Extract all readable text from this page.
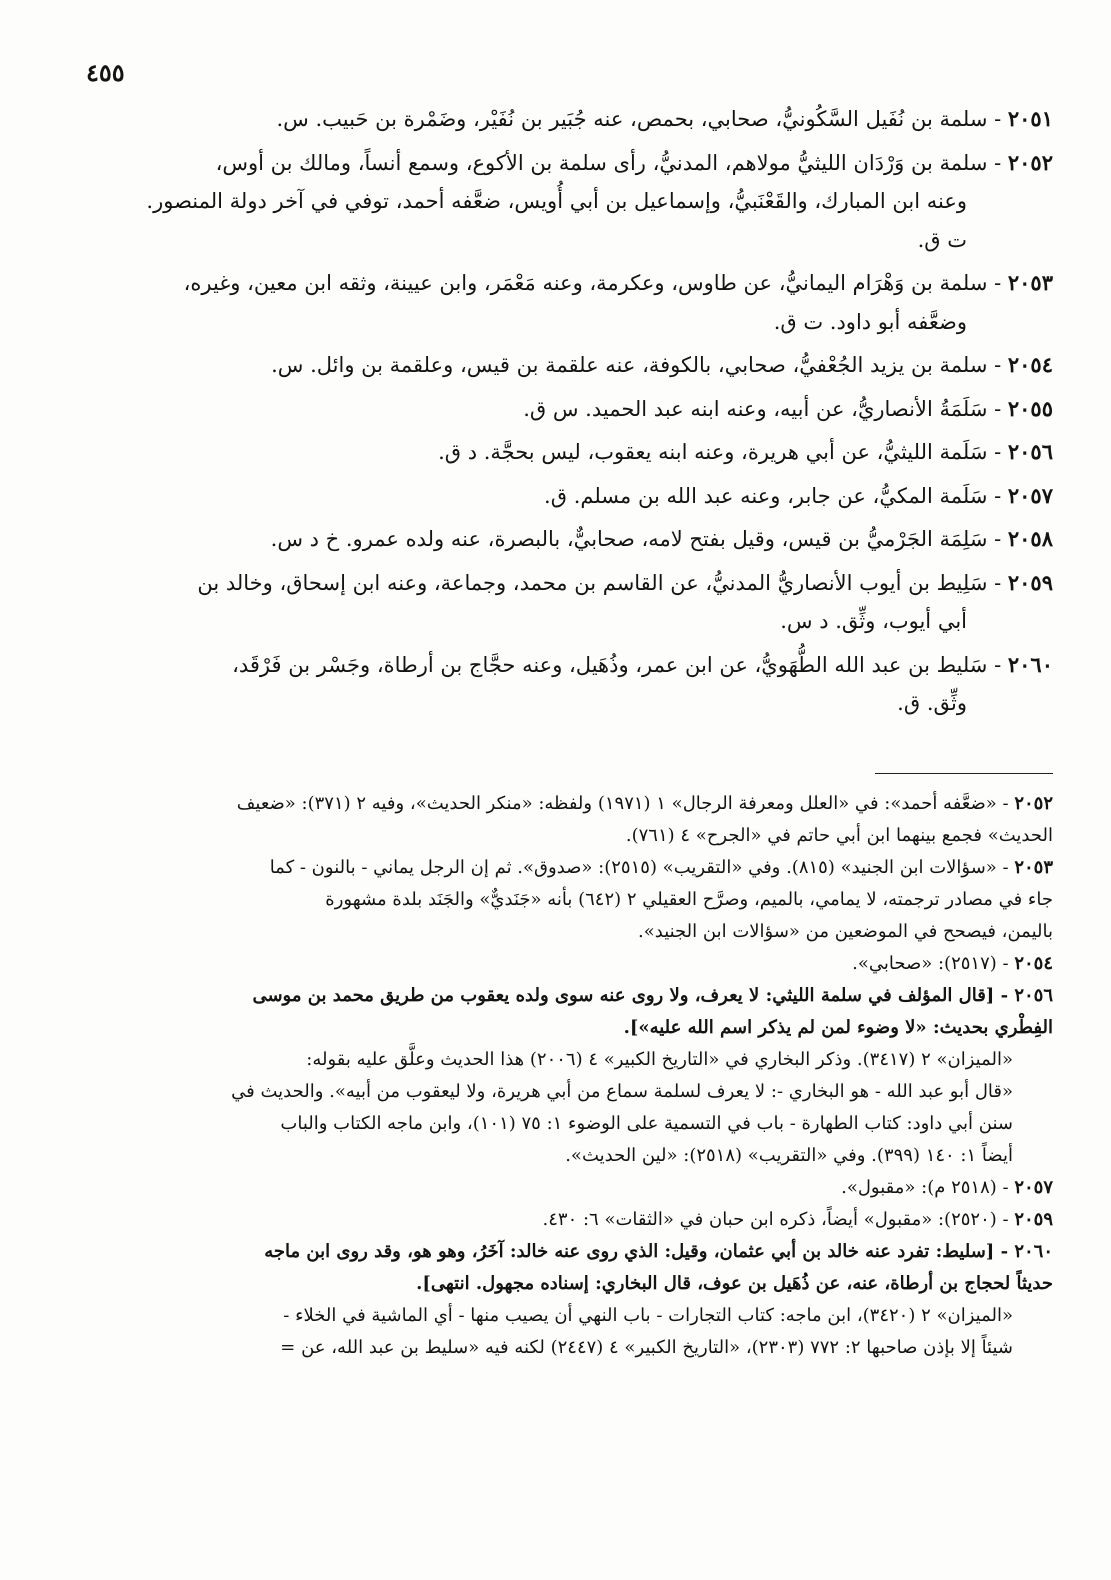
٤٥٥
٢٠٥١ - سلمة بن نُفَيل السَّكُونيُّ، صحابي، بحمص، عنه جُبَير بن نُفَيْر، وضَمْرة بن حَبيب. س.
٢٠٥٢ - سلمة بن وَرْدَان الليثيُّ مولاهم، المدنيُّ، رأى سلمة بن الأكوع، وسمع أنساً، ومالك بن أوس،
وعنه ابن المبارك، والقَعْنَبيُّ، وإسماعيل بن أبي أُويس، ضعَّفه أحمد، توفي في آخر دولة المنصور.
ت ق.
٢٠٥٣ - سلمة بن وَهْرَام اليمانيُّ، عن طاوس، وعكرمة، وعنه مَعْمَر، وابن عيينة، وثقه ابن معين، وغيره،
وضعَّفه أبو داود. ت ق.
٢٠٥٤ - سلمة بن يزيد الجُعْفيُّ، صحابي، بالكوفة، عنه علقمة بن قيس، وعلقمة بن وائل. س.
٢٠٥٥ - سَلَمَةُ الأنصاريُّ، عن أبيه، وعنه ابنه عبد الحميد. س ق.
٢٠٥٦ - سَلَمة الليثيُّ، عن أبي هريرة، وعنه ابنه يعقوب، ليس بحجَّة. د ق.
٢٠٥٧ - سَلَمة المكيُّ، عن جابر، وعنه عبد الله بن مسلم. ق.
٢٠٥٨ - سَلِمَة الجَرْميُّ بن قيس، وقيل بفتح لامه، صحابيٌّ، بالبصرة، عنه ولده عمرو. خ د س.
٢٠٥٩ - سَلِيط بن أيوب الأنصاريُّ المدنيُّ، عن القاسم بن محمد، وجماعة، وعنه ابن إسحاق، وخالد بن
أبي أيوب، وثِّق. د س.
٢٠٦٠ - سَليط بن عبد الله الطُّهَويُّ، عن ابن عمر، وذُهَيل، وعنه حجَّاج بن أرطاة، وجَسْر بن فَرْقَد،
وثِّق. ق.
٢٠٥٢ - «ضعَّفه أحمد»: في «العلل ومعرفة الرجال» ١ (١٩٧١) ولفظه: «منكر الحديث»، وفيه ٢ (٣٧١): «ضعيف
الحديث» فجمع بينهما ابن أبي حاتم في «الجرح» ٤ (٧٦١).
٢٠٥٣ - «سؤالات ابن الجنيد» (٨١٥). وفي «التقريب» (٢٥١٥): «صدوق». ثم إن الرجل يماني - بالنون - كما
جاء في مصادر ترجمته، لا يمامي، بالميم، وصرَّح العقيلي ٢ (٦٤٢) بأنه «جَنَديٌّ» والجَنَد بلدة مشهورة
باليمن، فيصحح في الموضعين من «سؤالات ابن الجنيد».
٢٠٥٤ - (٢٥١٧): «صحابي».
٢٠٥٦ - [قال المؤلف في سلمة الليثي: لا يعرف، ولا روى عنه سوى ولده يعقوب من طريق محمد بن موسى
الفِطْري بحديث: «لا وضوء لمن لم يذكر اسم الله عليه»].
«الميزان» ٢ (٣٤١٧). وذكر البخاري في «التاريخ الكبير» ٤ (٢٠٠٦) هذا الحديث وعلَّق عليه بقوله:
«قال أبو عبد الله - هو البخاري -: لا يعرف لسلمة سماع من أبي هريرة، ولا ليعقوب من أبيه». والحديث في
سنن أبي داود: كتاب الطهارة - باب في التسمية على الوضوء ١: ٧٥ (١٠١)، وابن ماجه الكتاب والباب
أيضاً ١: ١٤٠ (٣٩٩). وفي «التقريب» (٢٥١٨): «لين الحديث».
٢٠٥٧ - (٢٥١٨ م): «مقبول».
٢٠٥٩ - (٢٥٢٠): «مقبول» أيضاً، ذكره ابن حبان في «الثقات» ٦: ٤٣٠.
٢٠٦٠ - [سليط: تفرد عنه خالد بن أبي عثمان، وقيل: الذي روى عنه خالد: آخَرُ، وهو هو، وقد روى ابن ماجه
حديثاً لحجاج بن أرطاة، عنه، عن ذُهَيل بن عوف، قال البخاري: إسناده مجهول. انتهى].
«الميزان» ٢ (٣٤٢٠)، ابن ماجه: كتاب التجارات - باب النهي أن يصيب منها - أي الماشية في الخلاء -
شيئاً إلا بإذن صاحبها ٢: ٧٧٢ (٢٣٠٣)، «التاريخ الكبير» ٤ (٢٤٤٧) لكنه فيه «سليط بن عبد الله، عن =
